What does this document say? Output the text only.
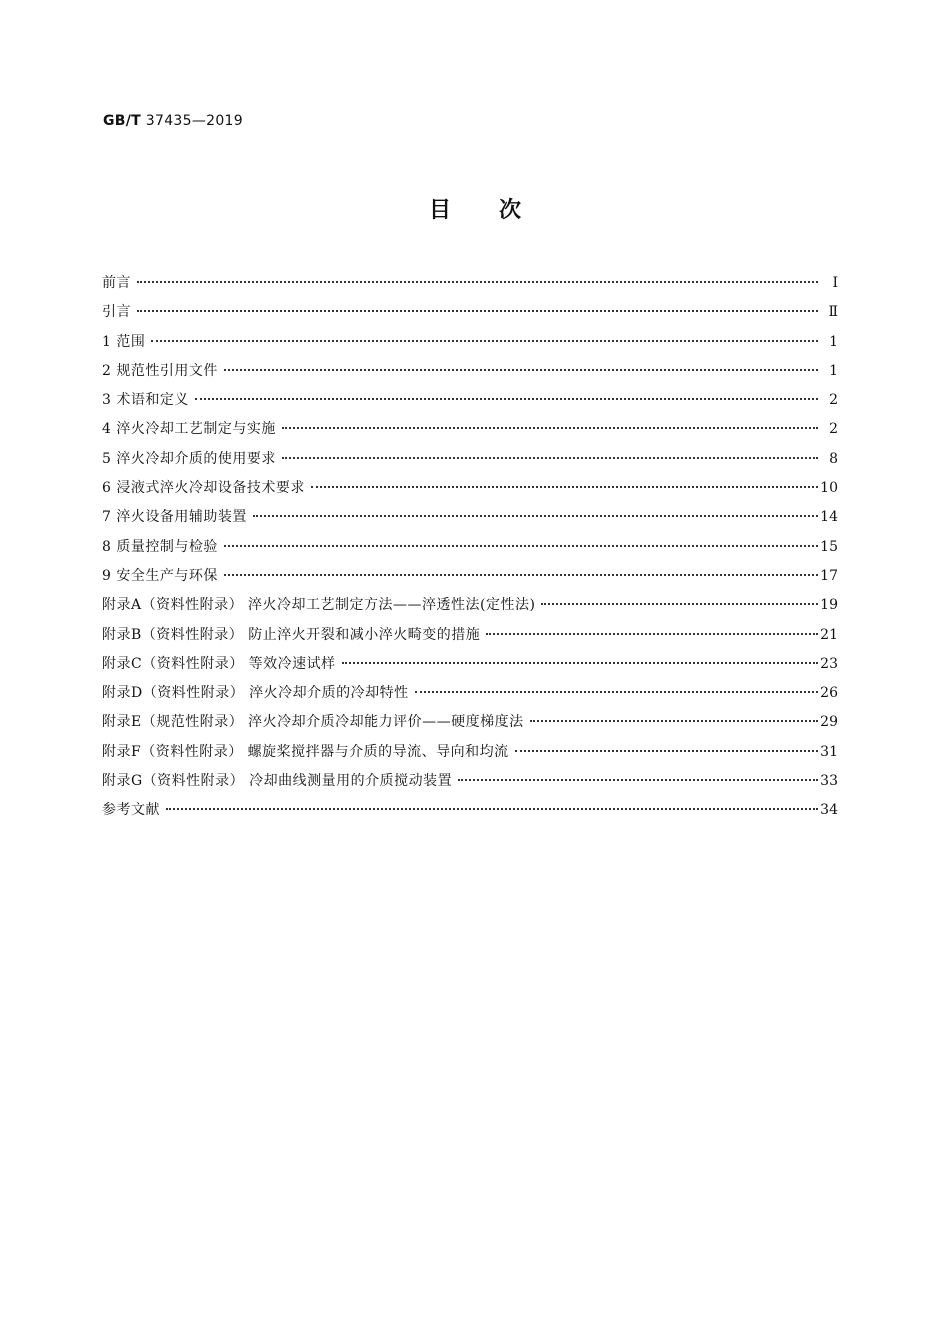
GB/T 37435—2019
目次
前言	Ⅰ
引言	Ⅱ
1 范围	1
2 规范性引用文件	1
3 术语和定义	2
4 淬火冷却工艺制定与实施	2
5 淬火冷却介质的使用要求	8
6 浸液式淬火冷却设备技术要求	10
7 淬火设备用辅助装置	14
8 质量控制与检验	15
9 安全生产与环保	17
附录A（资料性附录） 淬火冷却工艺制定方法——淬透性法(定性法)	19
附录B（资料性附录） 防止淬火开裂和减小淬火畸变的措施	21
附录C（资料性附录） 等效冷速试样	23
附录D（资料性附录） 淬火冷却介质的冷却特性	26
附录E（规范性附录） 淬火冷却介质冷却能力评价——硬度梯度法	29
附录F（资料性附录） 螺旋桨搅拌器与介质的导流、导向和均流	31
附录G（资料性附录） 冷却曲线测量用的介质搅动装置	33
参考文献	34
